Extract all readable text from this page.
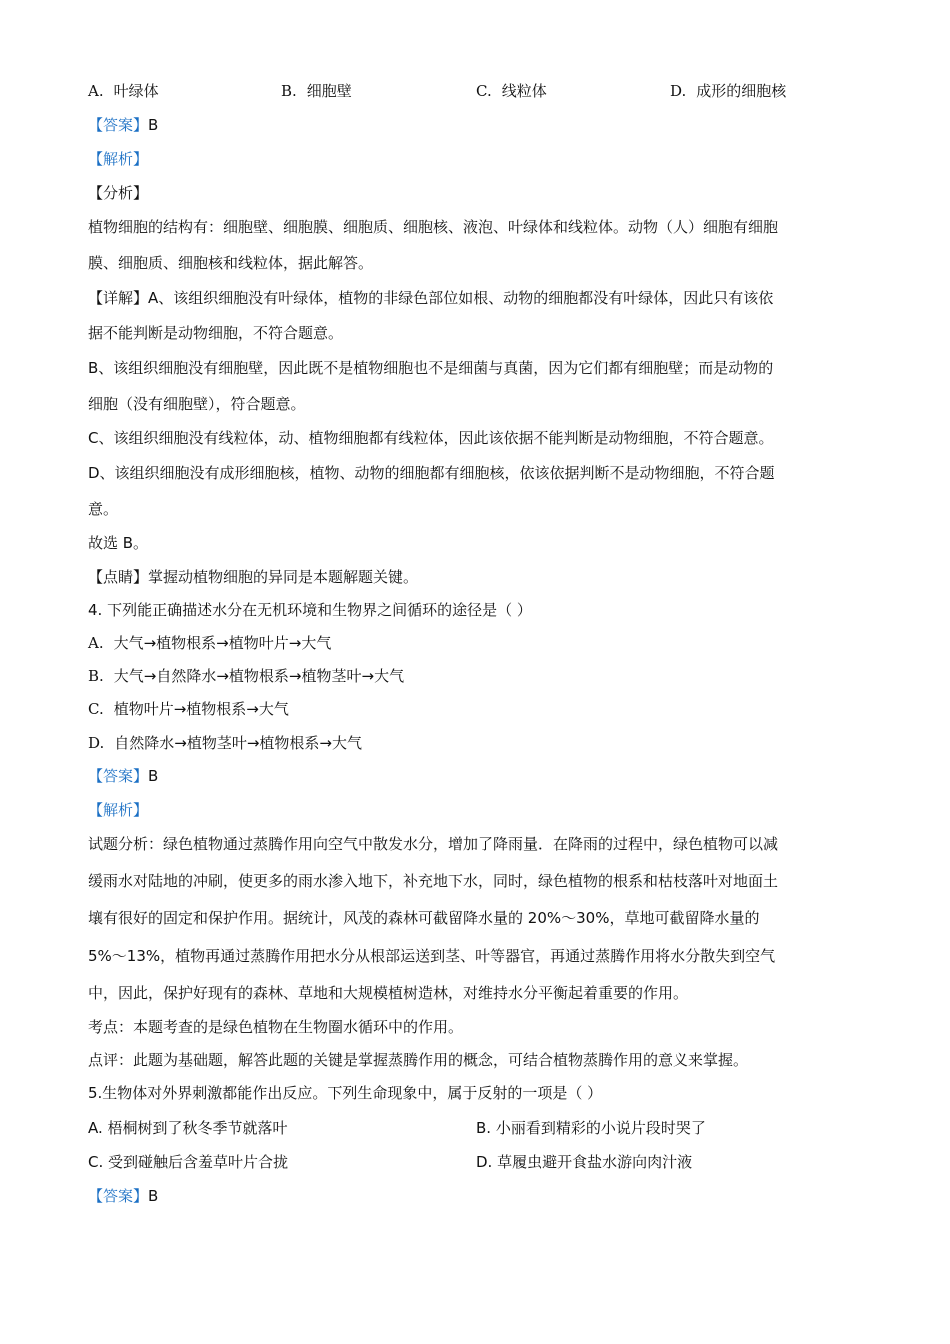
A. 叶绿体	B. 细胞壁	C. 线粒体	D. 成形的细胞核
【答案】B
【解析】
【分析】
植物细胞的结构有：细胞壁、细胞膜、细胞质、细胞核、液泡、叶绿体和线粒体。动物（人）细胞有细胞
膜、细胞质、细胞核和线粒体，据此解答。
【详解】A、该组织细胞没有叶绿体，植物的非绿色部位如根、动物的细胞都没有叶绿体，因此只有该依
据不能判断是动物细胞，不符合题意。
B、该组织细胞没有细胞壁，因此既不是植物细胞也不是细菌与真菌，因为它们都有细胞壁；而是动物的
细胞（没有细胞壁），符合题意。
C、该组织细胞没有线粒体，动、植物细胞都有线粒体，因此该依据不能判断是动物细胞，不符合题意。
D、该组织细胞没有成形细胞核，植物、动物的细胞都有细胞核，依该依据判断不是动物细胞，不符合题
意。
故选 B。
【点睛】掌握动植物细胞的异同是本题解题关键。
4. 下列能正确描述水分在无机环境和生物界之间循环的途径是（ ）
A. 大气→植物根系→植物叶片→大气
B. 大气→自然降水→植物根系→植物茎叶→大气
C. 植物叶片→植物根系→大气
D. 自然降水→植物茎叶→植物根系→大气
【答案】B
【解析】
试题分析：绿色植物通过蒸腾作用向空气中散发水分，增加了降雨量．在降雨的过程中，绿色植物可以减
缓雨水对陆地的冲刷，使更多的雨水渗入地下，补充地下水，同时，绿色植物的根系和枯枝落叶对地面土
壤有很好的固定和保护作用。据统计，风茂的森林可截留降水量的 20%～30%，草地可截留降水量的
5%～13%，植物再通过蒸腾作用把水分从根部运送到茎、叶等器官，再通过蒸腾作用将水分散失到空气
中，因此，保护好现有的森林、草地和大规模植树造林，对维持水分平衡起着重要的作用。
考点：本题考查的是绿色植物在生物圈水循环中的作用。
点评：此题为基础题，解答此题的关键是掌握蒸腾作用的概念，可结合植物蒸腾作用的意义来掌握。
5.生物体对外界刺激都能作出反应。下列生命现象中，属于反射的一项是（ ）
A. 梧桐树到了秋冬季节就落叶	B. 小丽看到精彩的小说片段时哭了
C. 受到碰触后含羞草叶片合拢	D. 草履虫避开食盐水游向肉汁液
【答案】B
